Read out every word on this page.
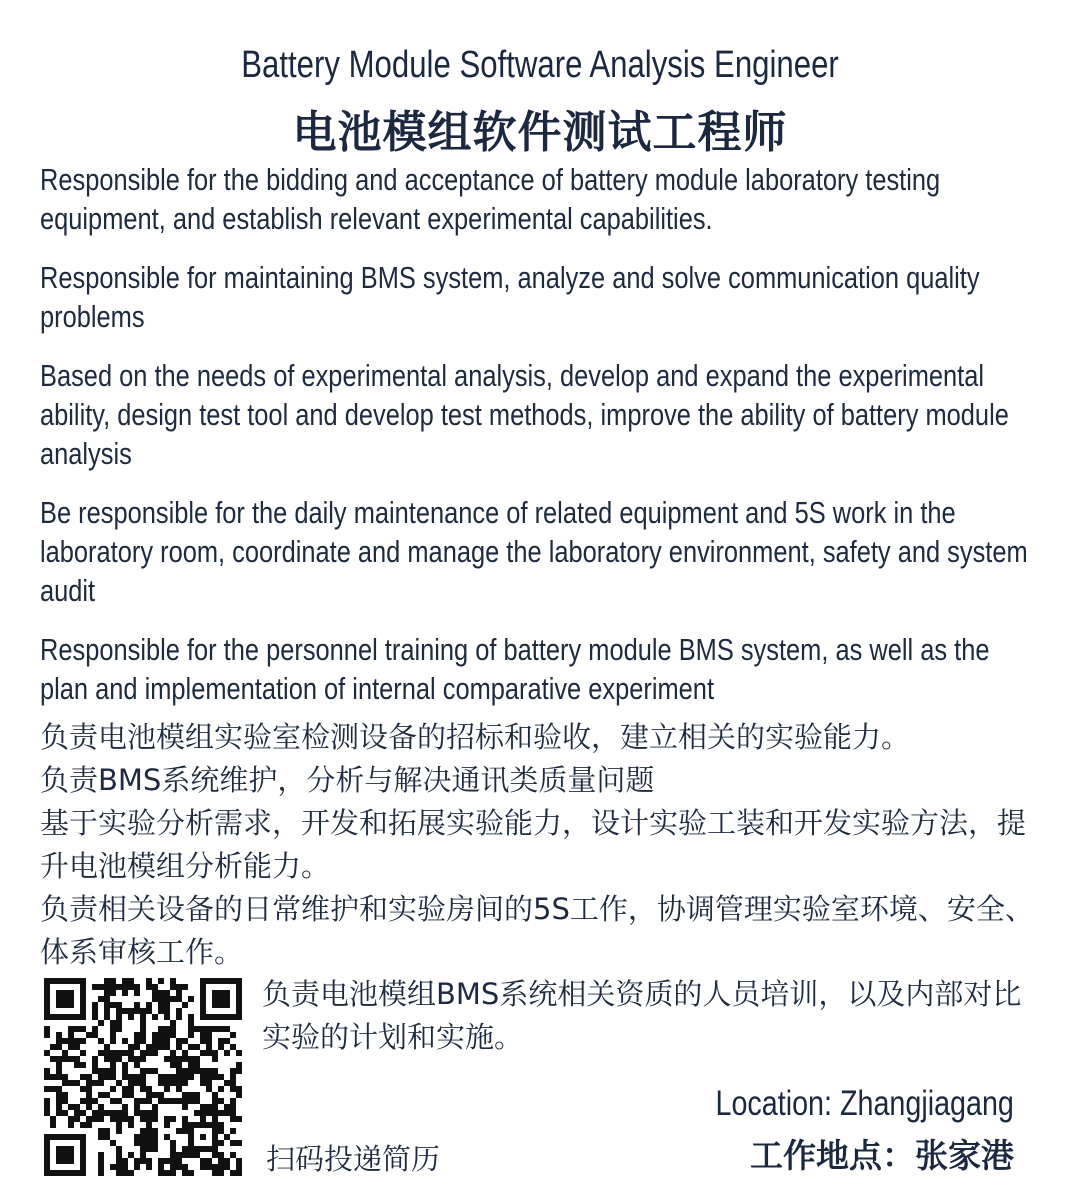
Battery Module Software Analysis Engineer
电池模组软件测试工程师

Responsible for the bidding and acceptance of battery module laboratory testing equipment, and establish relevant experimental capabilities.

Responsible for maintaining BMS system, analyze and solve communication quality problems

Based on the needs of experimental analysis, develop and expand the experimental ability, design test tool and develop test methods, improve the ability of battery module analysis

Be responsible for the daily maintenance of related equipment and 5S work in the laboratory room, coordinate and manage the laboratory environment, safety and system audit

Responsible for the personnel training of battery module BMS system, as well as the plan and implementation of internal comparative experiment

负责电池模组实验室检测设备的招标和验收，建立相关的实验能力。

负责BMS系统维护，分析与解决通讯类质量问题

基于实验分析需求，开发和拓展实验能力，设计实验工装和开发实验方法，提升电池模组分析能力。

负责相关设备的日常维护和实验房间的5S工作，协调管理实验室环境、安全、体系审核工作。

负责电池模组BMS系统相关资质的人员培训，以及内部对比实验的计划和实施。
扫码投递简历
Location: Zhangjiagang
工作地点：张家港
